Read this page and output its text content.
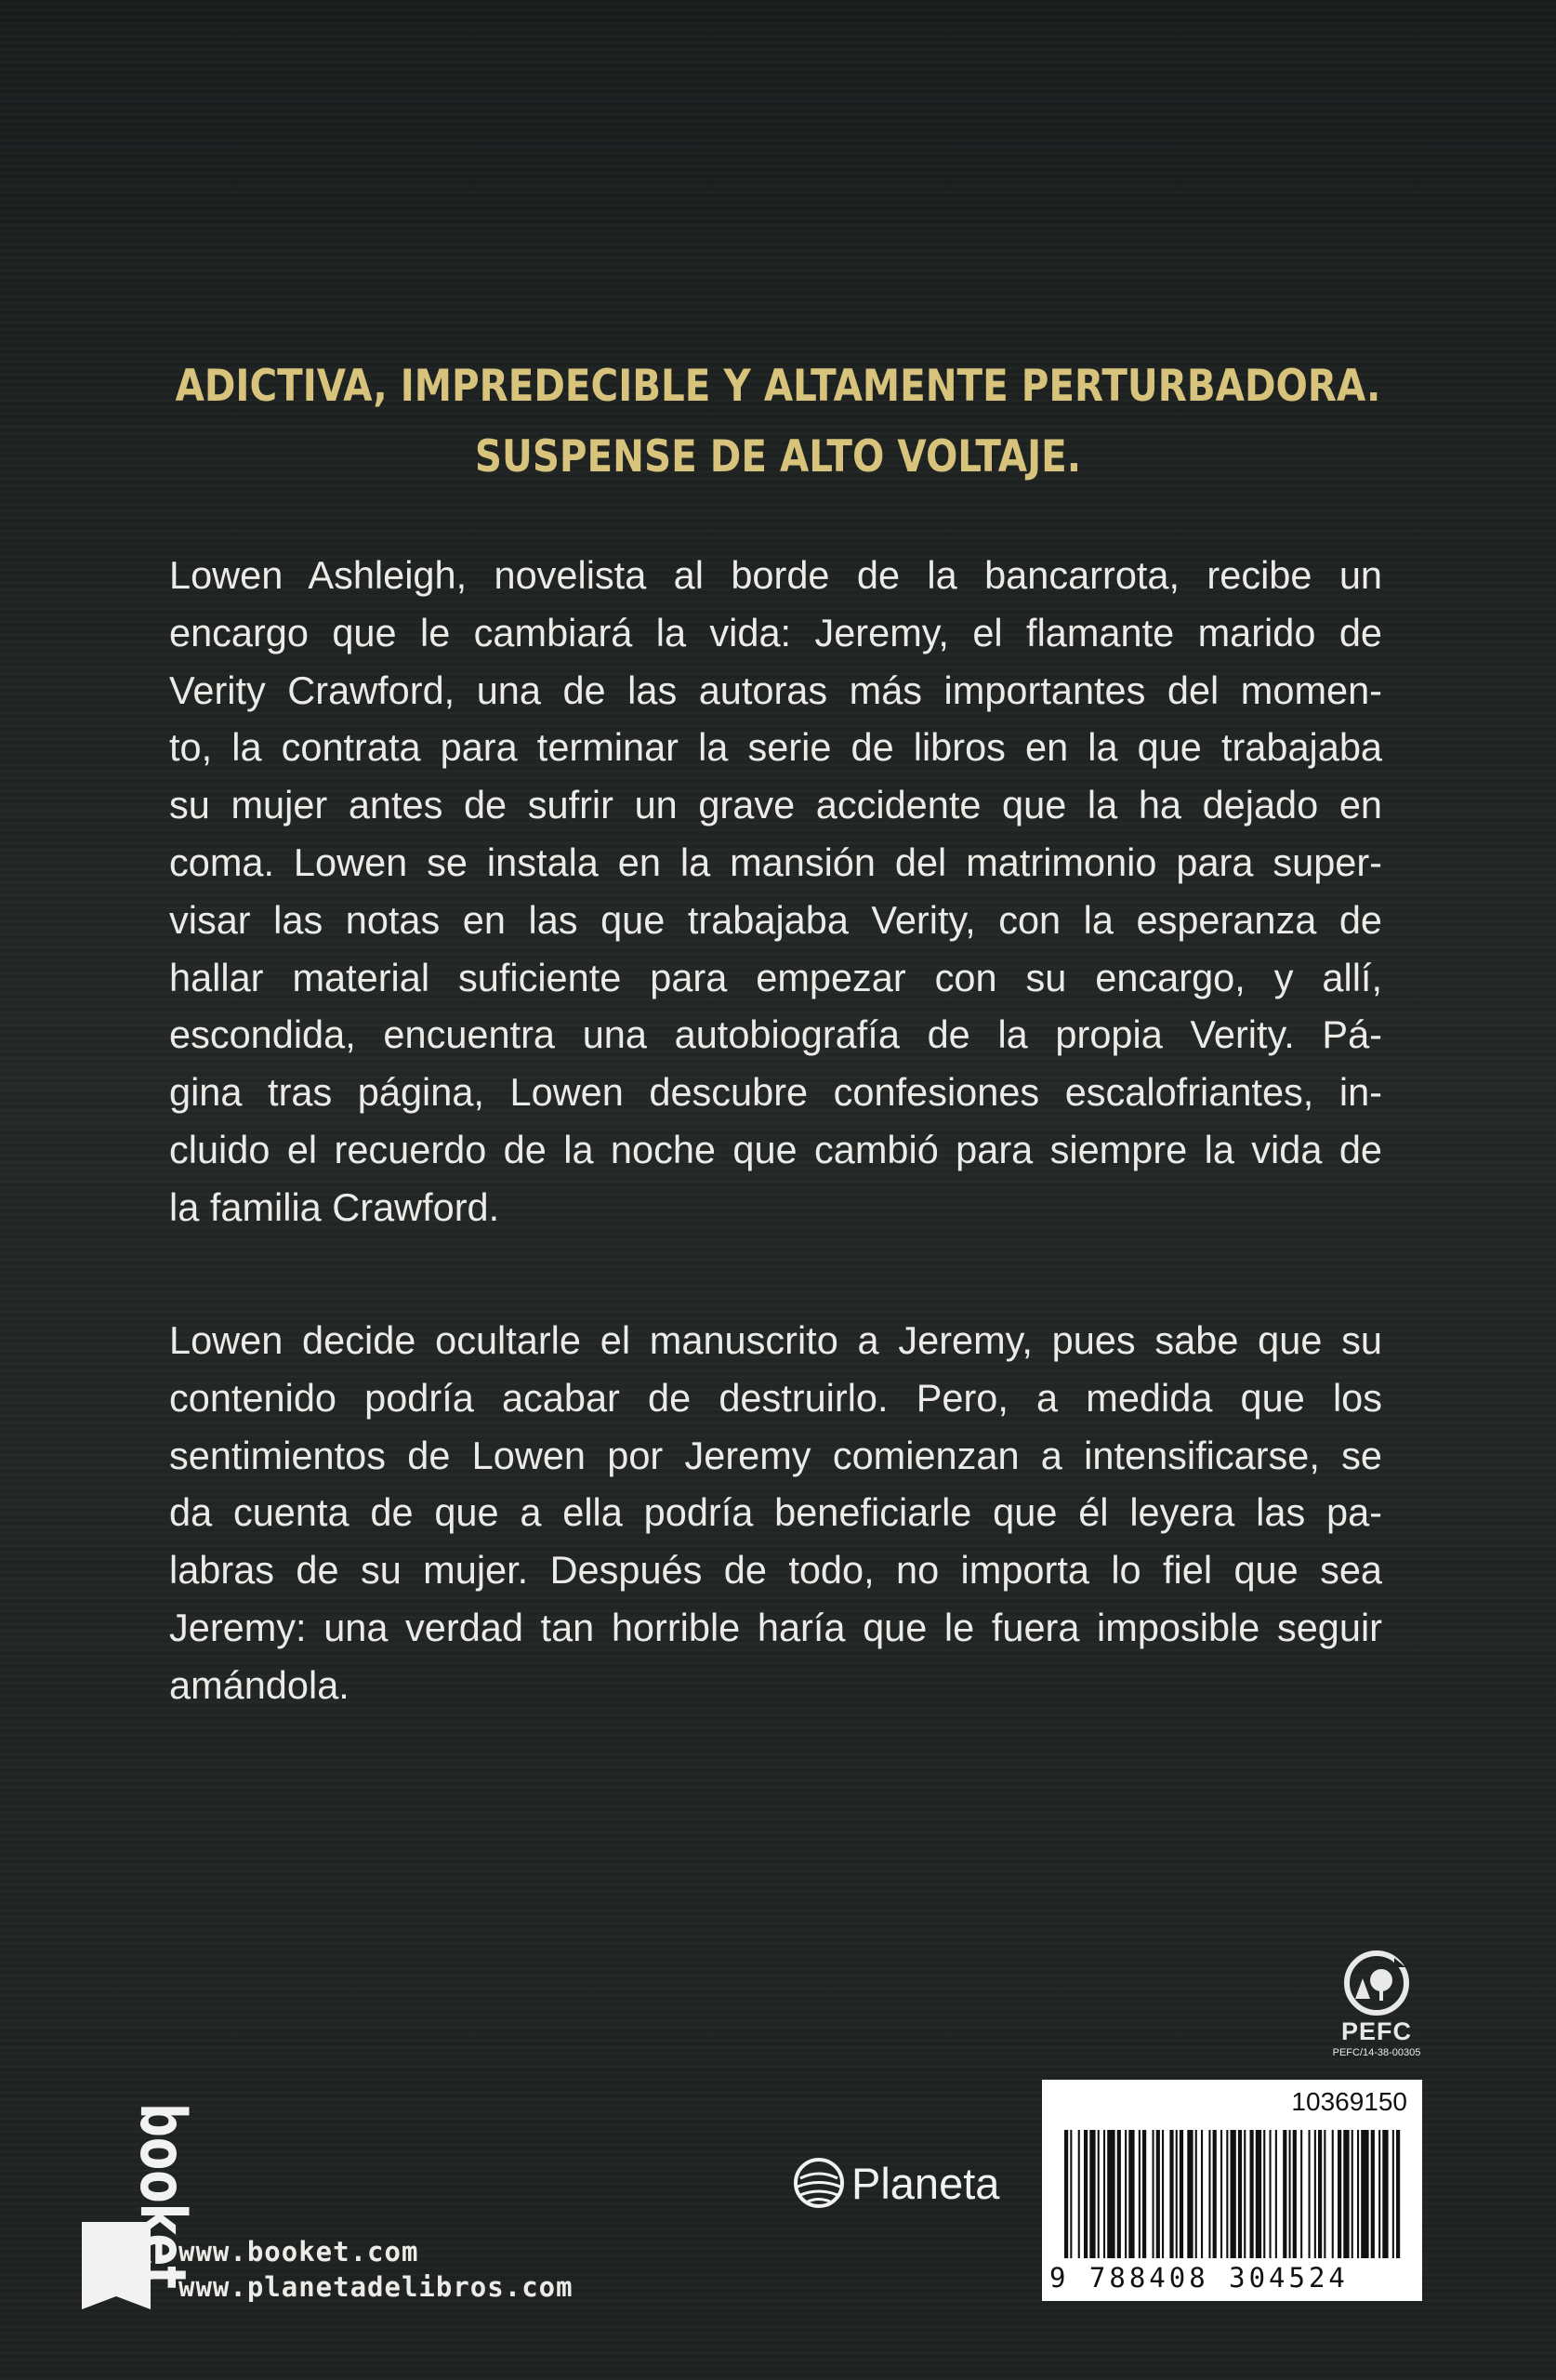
ADICTIVA, IMPREDECIBLE Y ALTAMENTE PERTURBADORA.
SUSPENSE DE ALTO VOLTAJE.
Lowen Ashleigh, novelista al borde de la bancarrota, recibe un
encargo que le cambiará la vida: Jeremy, el flamante marido de
Verity Crawford, una de las autoras más importantes del momen-
to, la contrata para terminar la serie de libros en la que trabajaba
su mujer antes de sufrir un grave accidente que la ha dejado en
coma. Lowen se instala en la mansión del matrimonio para super-
visar las notas en las que trabajaba Verity, con la esperanza de
hallar material suficiente para empezar con su encargo, y allí,
escondida, encuentra una autobiografía de la propia Verity. Pá-
gina tras página, Lowen descubre confesiones escalofriantes, in-
cluido el recuerdo de la noche que cambió para siempre la vida de
la familia Crawford.
Lowen decide ocultarle el manuscrito a Jeremy, pues sabe que su
contenido podría acabar de destruirlo. Pero, a medida que los
sentimientos de Lowen por Jeremy comienzan a intensificarse, se
da cuenta de que a ella podría beneficiarle que él leyera las pa-
labras de su mujer. Después de todo, no importa lo fiel que sea
Jeremy: una verdad tan horrible haría que le fuera imposible seguir
amándola.
PEFC
PEFC/14-38-00305
booket
www.booket.com
www.planetadelibros.com
Planeta
10369150
9 788408 304524
